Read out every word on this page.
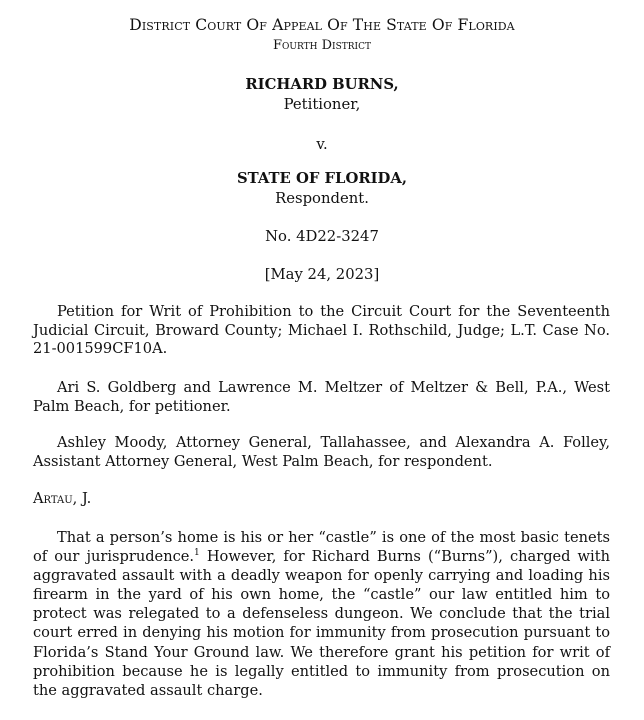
District Court Of Appeal Of The State Of Florida
Fourth District
RICHARD BURNS,
Petitioner,
v.
STATE OF FLORIDA,
Respondent.
No. 4D22-3247
[May 24, 2023]
Petition for Writ of Prohibition to the Circuit Court for the Seventeenth Judicial Circuit, Broward County; Michael I. Rothschild, Judge; L.T. Case No. 21-001599CF10A.
Ari S. Goldberg and Lawrence M. Meltzer of Meltzer & Bell, P.A., West Palm Beach, for petitioner.
Ashley Moody, Attorney General, Tallahassee, and Alexandra A. Folley, Assistant Attorney General, West Palm Beach, for respondent.
Artau, J.
That a person’s home is his or her “castle” is one of the most basic tenets of our jurisprudence.$^1$ However, for Richard Burns (“Burns”), charged with aggravated assault with a deadly weapon for openly carrying and loading his firearm in the yard of his own home, the “castle” our law entitled him to protect was relegated to a defenseless dungeon. We conclude that the trial court erred in denying his motion for immunity from prosecution pursuant to Florida’s Stand Your Ground law. We therefore grant his petition for writ of prohibition because he is legally entitled to immunity from prosecution on the aggravated assault charge.
